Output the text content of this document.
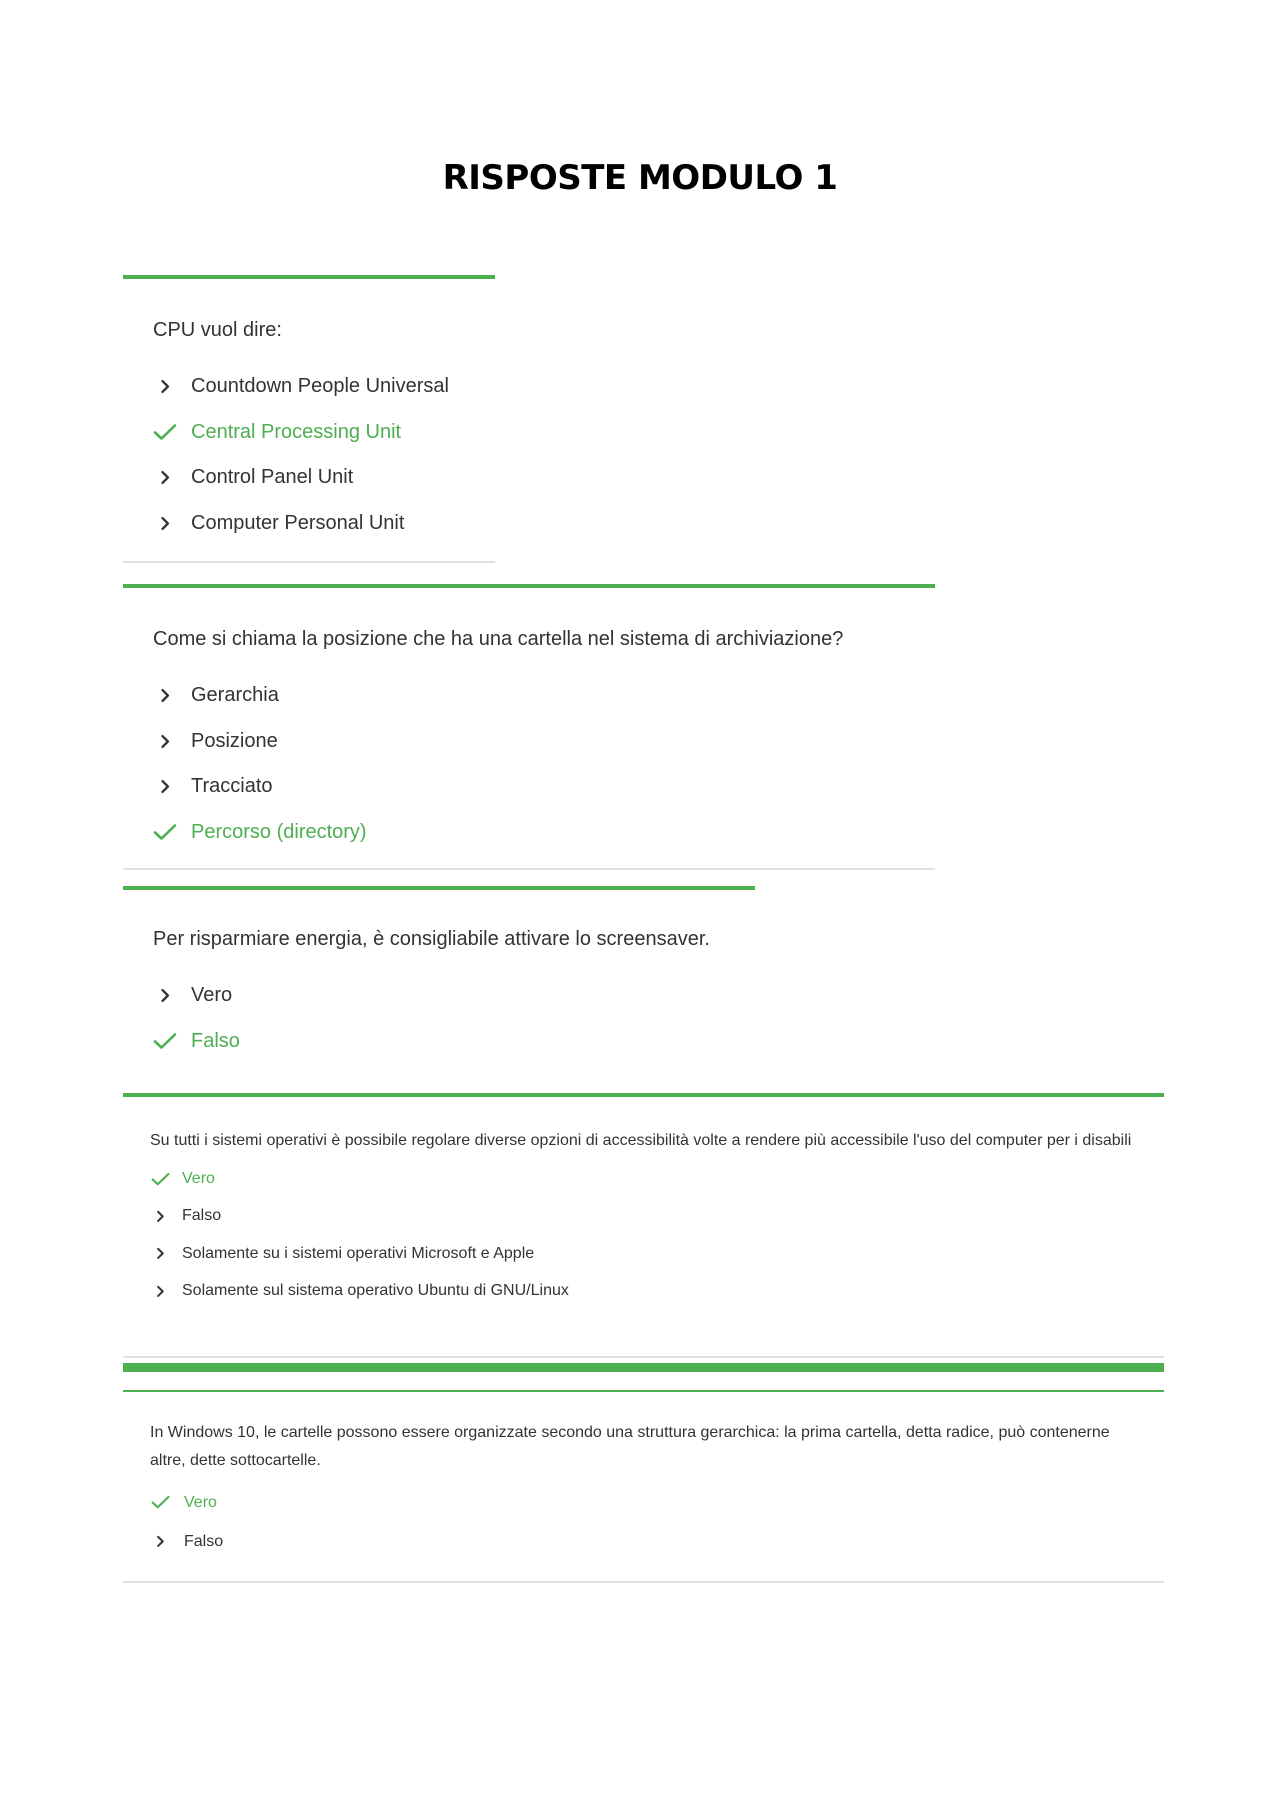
RISPOSTE MODULO 1
CPU vuol dire:
Countdown People Universal
Central Processing Unit
Control Panel Unit
Computer Personal Unit
Come si chiama la posizione che ha una cartella nel sistema di archiviazione?
Gerarchia
Posizione
Tracciato
Percorso (directory)
Per risparmiare energia, è consigliabile attivare lo screensaver.
Vero
Falso
Su tutti i sistemi operativi è possibile regolare diverse opzioni di accessibilità volte a rendere più accessibile l'uso del computer per i disabili
Vero
Falso
Solamente su i sistemi operativi Microsoft e Apple
Solamente sul sistema operativo Ubuntu di GNU/Linux
In Windows 10, le cartelle possono essere organizzate secondo una struttura gerarchica: la prima cartella, detta radice, può contenerne altre, dette sottocartelle.
Vero
Falso
